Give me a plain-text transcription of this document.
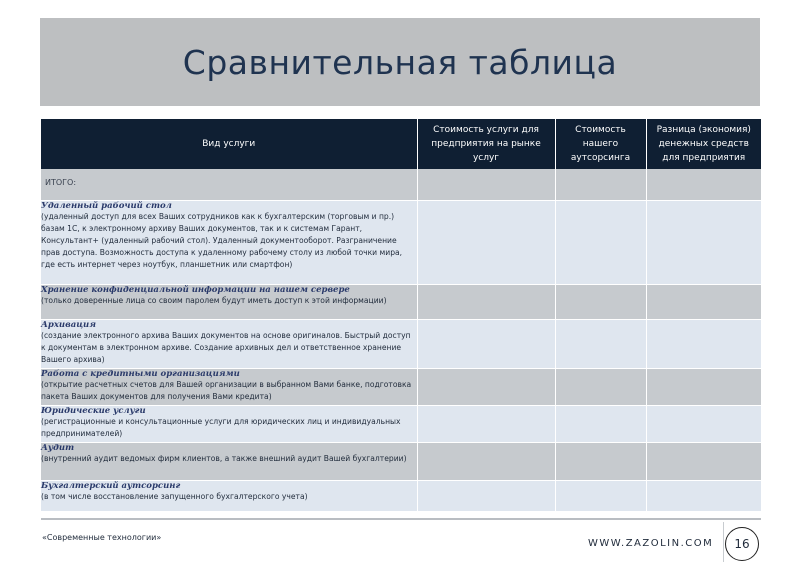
Сравнительная таблица
Вид услуги	Стоимость услуги для предприятия на рынке услуг	Стоимость нашего аутсорсинга	Разница (экономия) денежных средств для предприятия

ИТОГО:			

Удаленный рабочий стол
(удаленный доступ для всех Ваших сотрудников как к бухгалтерским (торговым и пр.) базам 1С, к электронному архиву Ваших документов, так и к системам Гарант, Консультант+ (удаленный рабочий стол). Удаленный документооборот. Разграничение прав доступа. Возможность доступа к удаленному рабочему столу из любой точки мира, где есть интернет через ноутбук, планшетник или смартфон)			

Хранение конфиденциальной информации на нашем сервере
(только доверенные лица со своим паролем будут иметь доступ к этой информации)			

Архивация
(создание электронного архива Ваших документов на основе оригиналов. Быстрый доступ к документам в электронном архиве. Создание архивных дел и ответственное хранение Вашего архива)			

Работа с кредитными организациями
(открытие расчетных счетов для Вашей организации в выбранном Вами банке, подготовка пакета Ваших документов для получения Вами кредита)			

Юридические услуги
(регистрационные и консультационные услуги для юридических лиц и индивидуальных предпринимателей)			

Аудит
(внутренний аудит ведомых фирм клиентов, а также внешний аудит Вашей бухгалтерии)			

Бухгалтерский аутсорсинг
(в том числе восстановление запущенного бухгалтерского учета)			

«Современные технологии»
WWW.ZAZOLIN.COM	16
